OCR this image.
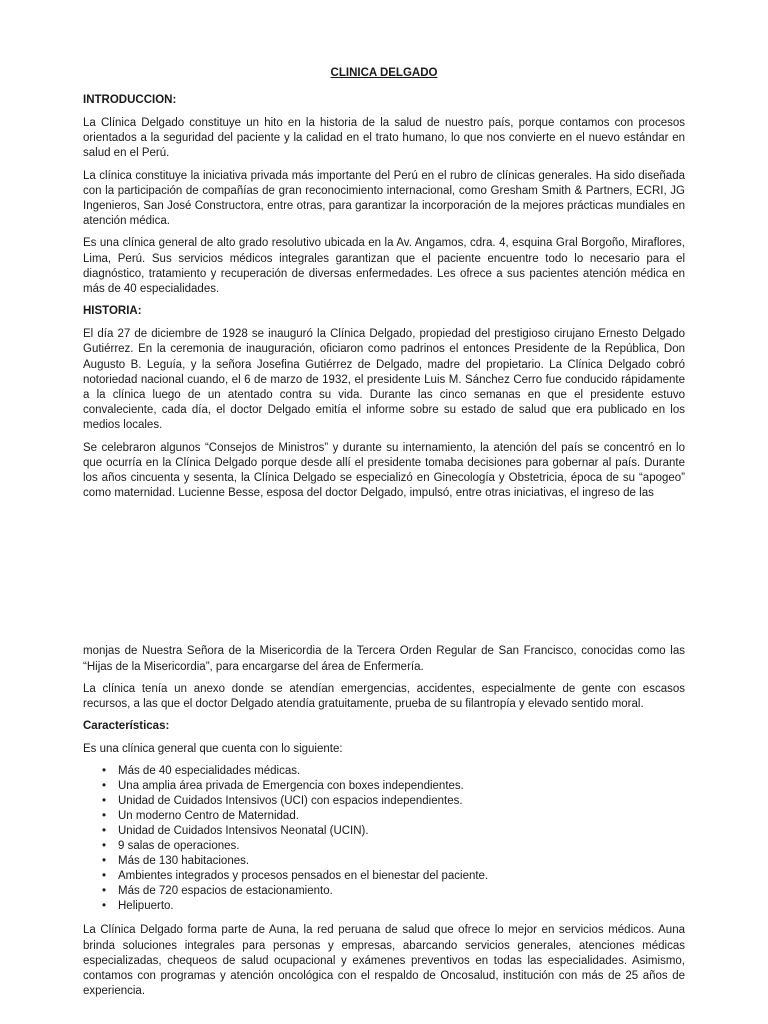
CLINICA DELGADO
INTRODUCCION:

La Clínica Delgado constituye un hito en la historia de la salud de nuestro país, porque contamos con procesos orientados a la seguridad del paciente y la calidad en el trato humano, lo que nos convierte en el nuevo estándar en salud en el Perú.

La clínica constituye la iniciativa privada más importante del Perú en el rubro de clínicas generales. Ha sido diseñada con la participación de compañías de gran reconocimiento internacional, como Gresham Smith & Partners, ECRI, JG Ingenieros, San José Constructora, entre otras, para garantizar la incorporación de la mejores prácticas mundiales en atención médica.

Es una clínica general de alto grado resolutivo ubicada en la Av. Angamos, cdra. 4, esquina Gral Borgoño, Miraflores, Lima, Perú. Sus servicios médicos integrales garantizan que el paciente encuentre todo lo necesario para el diagnóstico, tratamiento y recuperación de diversas enfermedades. Les ofrece a sus pacientes atención médica en más de 40 especialidades.

HISTORIA:

El día 27 de diciembre de 1928 se inauguró la Clínica Delgado, propiedad del prestigioso cirujano Ernesto Delgado Gutiérrez. En la ceremonia de inauguración, oficiaron como padrinos el entonces Presidente de la República, Don Augusto B. Leguía, y la señora Josefina Gutiérrez de Delgado, madre del propietario. La Clínica Delgado cobró notoriedad nacional cuando, el 6 de marzo de 1932, el presidente Luis M. Sánchez Cerro fue conducido rápidamente a la clínica luego de un atentado contra su vida. Durante las cinco semanas en que el presidente estuvo convaleciente, cada día, el doctor Delgado emitía el informe sobre su estado de salud que era publicado en los medios locales.

Se celebraron algunos “Consejos de Ministros” y durante su internamiento, la atención del país se concentró en lo que ocurría en la Clínica Delgado porque desde allí el presidente tomaba decisiones para gobernar al país. Durante los años cincuenta y sesenta, la Clínica Delgado se especializó en Ginecología y Obstetricia, época de su “apogeo” como maternidad. Lucienne Besse, esposa del doctor Delgado, impulsó, entre otras iniciativas, el ingreso de las

monjas de Nuestra Señora de la Misericordia de la Tercera Orden Regular de San Francisco, conocidas como las “Hijas de la Misericordia”, para encargarse del área de Enfermería.

La clínica tenía un anexo donde se atendían emergencias, accidentes, especialmente de gente con escasos recursos, a las que el doctor Delgado atendía gratuitamente, prueba de su filantropía y elevado sentido moral.

Características:

Es una clínica general que cuenta con lo siguiente:

• Más de 40 especialidades médicas.
• Una amplia área privada de Emergencia con boxes independientes.
• Unidad de Cuidados Intensivos (UCI) con espacios independientes.
• Un moderno Centro de Maternidad.
• Unidad de Cuidados Intensivos Neonatal (UCIN).
• 9 salas de operaciones.
• Más de 130 habitaciones.
• Ambientes integrados y procesos pensados en el bienestar del paciente.
• Más de 720 espacios de estacionamiento.
• Helipuerto.

La Clínica Delgado forma parte de Auna, la red peruana de salud que ofrece lo mejor en servicios médicos. Auna brinda soluciones integrales para personas y empresas, abarcando servicios generales, atenciones médicas especializadas, chequeos de salud ocupacional y exámenes preventivos en todas las especialidades. Asimismo, contamos con programas y atención oncológica con el respaldo de Oncosalud, institución con más de 25 años de experiencia.
